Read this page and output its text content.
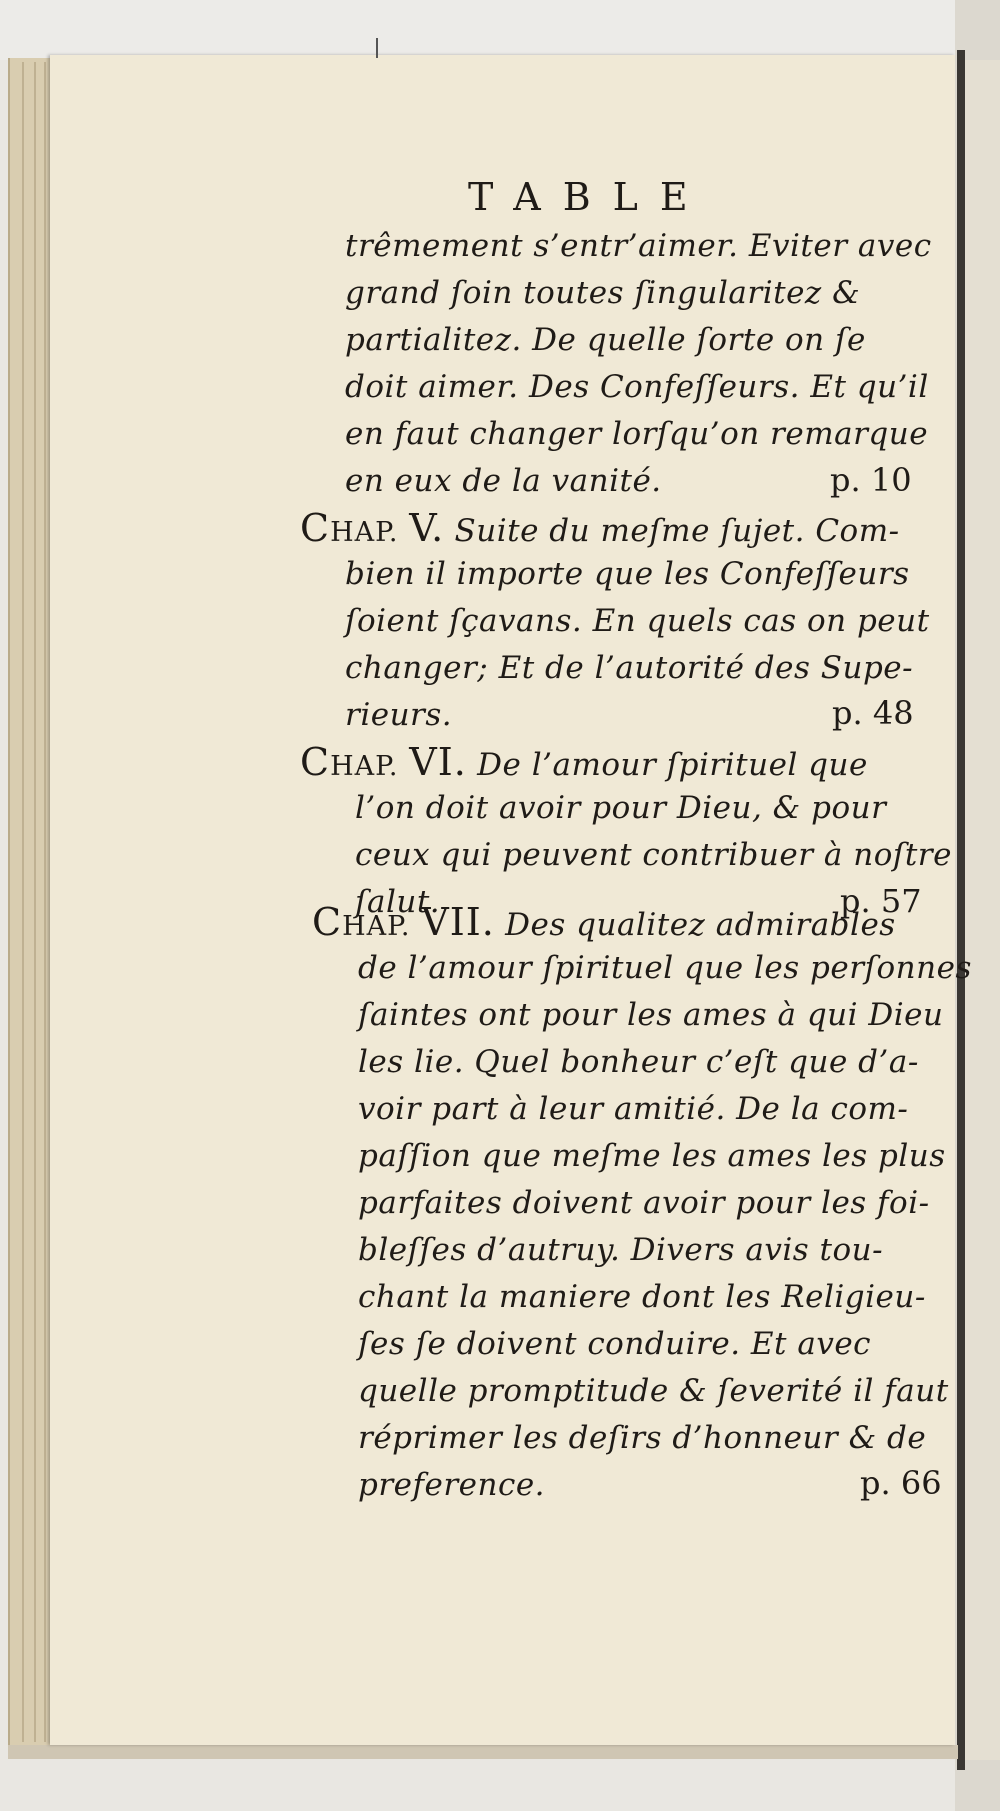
TABLE
trêmement s’entr’aimer. Eviter avec
grand ſoin toutes ſingularitez &
partialitez. De quelle ſorte on ſe
doit aimer. Des Confeſſeurs. Et qu’il
en faut changer lorſqu’on remarque
en eux de la vanité.	p. 10
CHAP. V. Suite du meſme ſujet. Com-
bien il importe que les Confeſſeurs
ſoient ſçavans. En quels cas on peut
changer; Et de l’autorité des Supe-
rieurs.	p. 48
CHAP. VI. De l’amour ſpirituel que
l’on doit avoir pour Dieu, & pour
ceux qui peuvent contribuer à noſtre
ſalut.	p. 57
CHAP. VII. Des qualitez admirables
de l’amour ſpirituel que les perſonnes
ſaintes ont pour les ames à qui Dieu
les lie. Quel bonheur c’eſt que d’a-
voir part à leur amitié. De la com-
paſſion que meſme les ames les plus
parfaites doivent avoir pour les foi-
bleſſes d’autruy. Divers avis tou-
chant la maniere dont les Religieu-
ſes ſe doivent conduire. Et avec
quelle promptitude & ſeverité il faut
réprimer les deſirs d’honneur & de
preference.	p. 66
